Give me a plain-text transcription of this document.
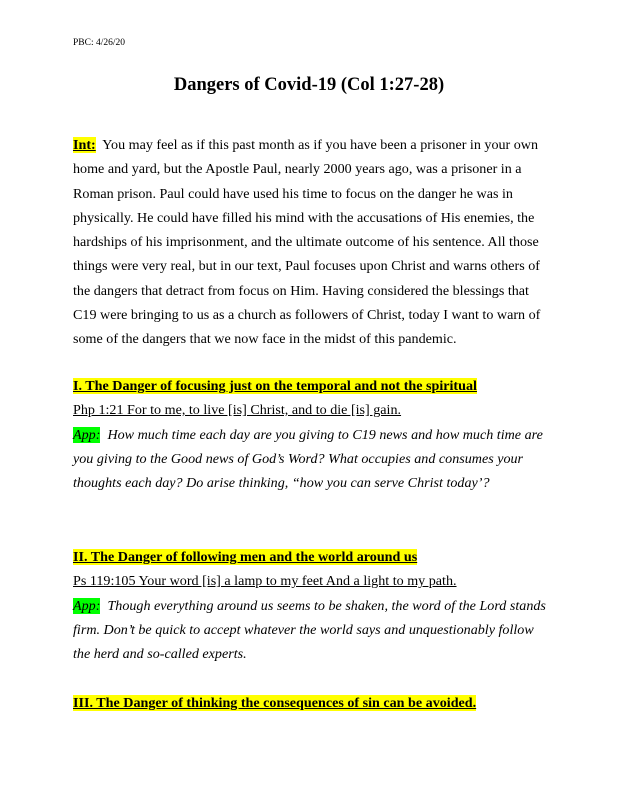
PBC: 4/26/20
Dangers of Covid-19 (Col 1:27-28)
Int: You may feel as if this past month as if you have been a prisoner in your own home and yard, but the Apostle Paul, nearly 2000 years ago, was a prisoner in a Roman prison. Paul could have used his time to focus on the danger he was in physically. He could have filled his mind with the accusations of His enemies, the hardships of his imprisonment, and the ultimate outcome of his sentence. All those things were very real, but in our text, Paul focuses upon Christ and warns others of the dangers that detract from focus on Him. Having considered the blessings that C19 were bringing to us as a church as followers of Christ, today I want to warn of some of the dangers that we now face in the midst of this pandemic.
I. The Danger of focusing just on the temporal and not the spiritual
Php 1:21 For to me, to live [is] Christ, and to die [is] gain.
App: How much time each day are you giving to C19 news and how much time are you giving to the Good news of God’s Word? What occupies and consumes your thoughts each day? Do arise thinking, “how you can serve Christ today’?
II. The Danger of following men and the world around us
Ps 119:105 Your word [is] a lamp to my feet And a light to my path.
App: Though everything around us seems to be shaken, the word of the Lord stands firm. Don’t be quick to accept whatever the world says and unquestionably follow the herd and so-called experts.
III. The Danger of thinking the consequences of sin can be avoided.
